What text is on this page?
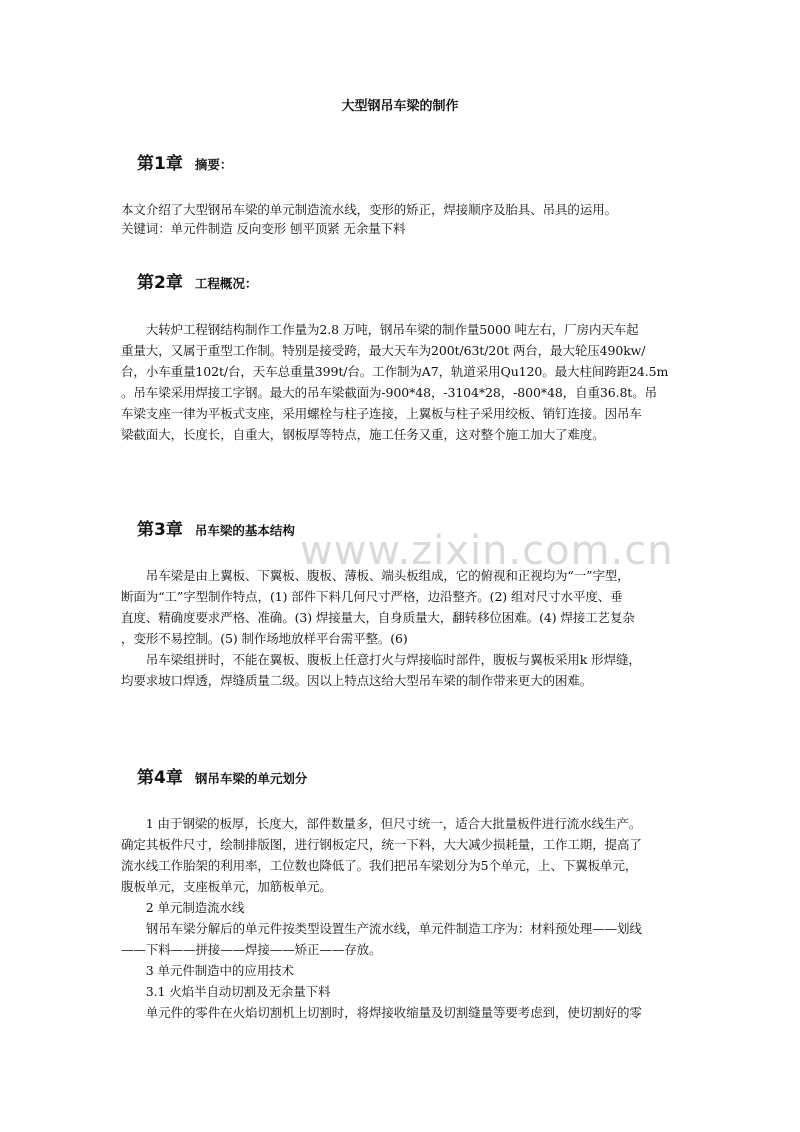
www.zixin.com.cn
大型钢吊车梁的制作
第1章 摘要：
本文介绍了大型钢吊车梁的单元制造流水线，变形的矫正，焊接顺序及胎具、吊具的运用。
关键词：单元件制造 反向变形 刨平顶紧 无余量下料
第2章 工程概况：
　　大转炉工程钢结构制作工作量为2.8 万吨，钢吊车梁的制作量5000 吨左右，厂房内天车起
重量大，又属于重型工作制。特别是接受跨，最大天车为200t/63t/20t 两台，最大轮压490kw/
台，小车重量102t/台，天车总重量399t/台。工作制为A7，轨道采用Qu120。最大柱间跨距24.5m
。吊车梁采用焊接工字钢。最大的吊车梁截面为-900*48，-3104*28，-800*48，自重36.8t。吊
车梁支座一律为平板式支座，采用螺栓与柱子连接，上翼板与柱子采用绞板、销钉连接。因吊车
梁截面大，长度长，自重大，钢板厚等特点，施工任务又重，这对整个施工加大了难度。
第3章 吊车梁的基本结构
　　吊车梁是由上翼板、下翼板、腹板、薄板、端头板组成，它的俯视和正视均为“一”字型，
断面为“工”字型制作特点，(1) 部件下料几何尺寸严格，边沿整齐。(2) 组对尺寸水平度、垂
直度、精确度要求严格、准确。(3) 焊接量大，自身质量大，翻转移位困难。(4) 焊接工艺复杂
，变形不易控制。(5) 制作场地放样平台需平整。(6)
　　吊车梁组拼时，不能在翼板、腹板上任意打火与焊接临时部件，腹板与翼板采用k 形焊缝，
均要求坡口焊透，焊缝质量二级。因以上特点这给大型吊车梁的制作带来更大的困难。
第4章 钢吊车梁的单元划分
　　1 由于钢梁的板厚，长度大，部件数量多，但尺寸统一，适合大批量板件进行流水线生产。
确定其板件尺寸，绘制排版图，进行钢板定尺，统一下料，大大减少损耗量，工作工期，提高了
流水线工作胎架的利用率，工位数也降低了。我们把吊车梁划分为5个单元，上、下翼板单元，
腹板单元，支座板单元，加筋板单元。
　　2 单元制造流水线
　　钢吊车梁分解后的单元件按类型设置生产流水线，单元件制造工序为：材料预处理——划线
——下料——拼接——焊接——矫正——存放。
　　3 单元件制造中的应用技术
　　3.1 火焰半自动切割及无余量下料
　　单元件的零件在火焰切割机上切割时，将焊接收缩量及切割缝量等要考虑到，使切割好的零
